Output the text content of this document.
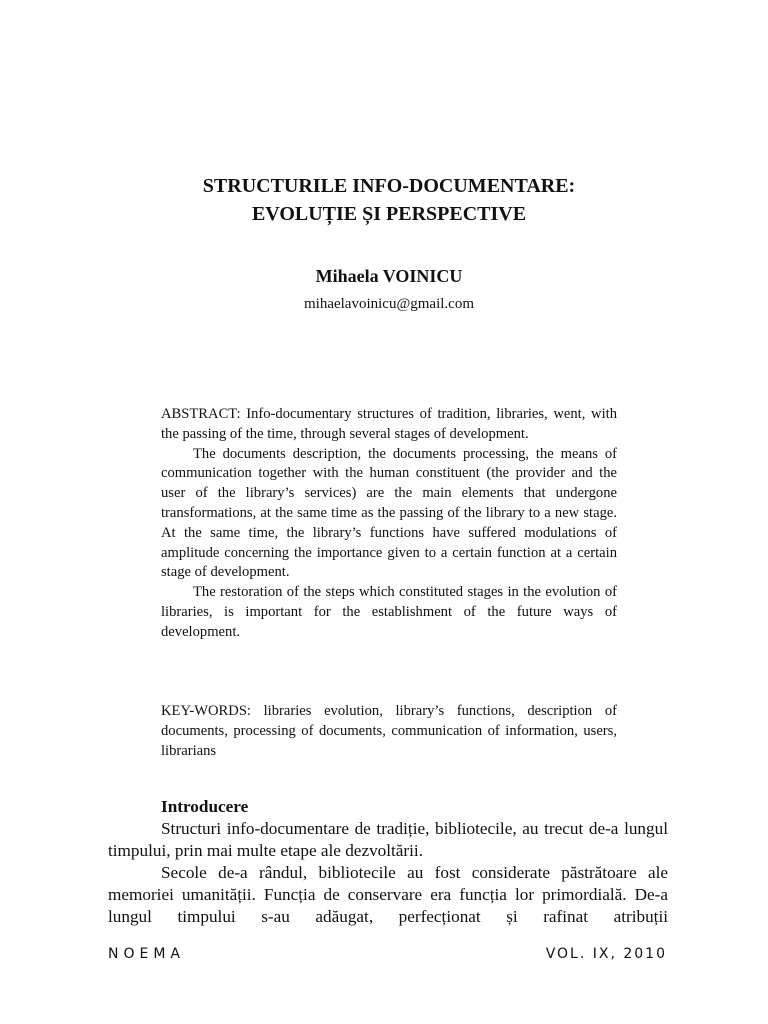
STRUCTURILE INFO-DOCUMENTARE:
EVOLUȚIE ȘI PERSPECTIVE

Mihaela VOINICU

mihaelavoinicu@gmail.com

ABSTRACT: Info-documentary structures of tradition, libraries, went, with the passing of the time, through several stages of development.

The documents description, the documents processing, the means of communication together with the human constituent (the provider and the user of the library’s services) are the main elements that undergone transformations, at the same time as the passing of the library to a new stage. At the same time, the library’s functions have suffered modulations of amplitude concerning the importance given to a certain function at a certain stage of development.

The restoration of the steps which constituted stages in the evolution of libraries, is important for the establishment of the future ways of development.

KEY-WORDS: libraries evolution, library’s functions, description of documents, processing of documents, communication of information, users, librarians

Introducere

Structuri info-documentare de tradiție, bibliotecile, au trecut de-a lungul timpului, prin mai multe etape ale dezvoltării.

Secole de-a rândul, bibliotecile au fost considerate păstrătoare ale memoriei umanității. Funcția de conservare era funcția lor primordială. De-a lungul timpului s-au adăugat, perfecționat și rafinat atribuții

NOEMA	VOL. IX, 2010
